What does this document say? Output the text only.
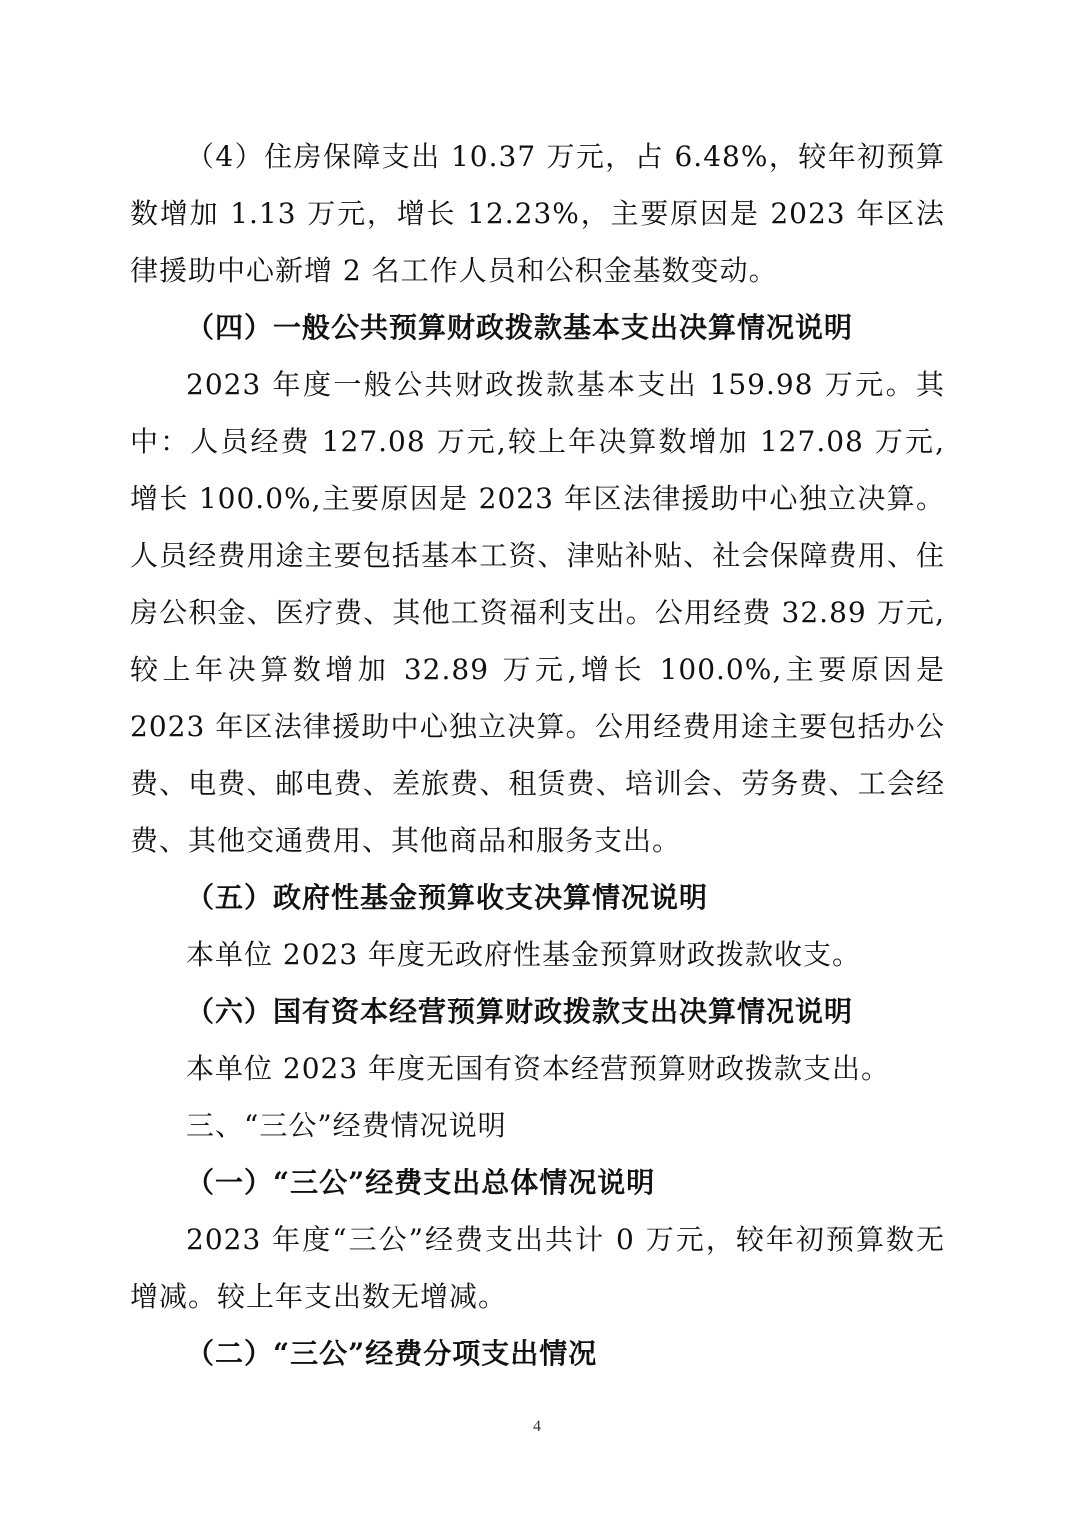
（4）住房保障支出 10.37 万元，占 6.48%，较年初预算数增加 1.13 万元，增长 12.23%，主要原因是 2023 年区法律援助中心新增 2 名工作人员和公积金基数变动。

（四）一般公共预算财政拨款基本支出决算情况说明

2023 年度一般公共财政拨款基本支出 159.98 万元。其中：人员经费 127.08 万元,较上年决算数增加 127.08 万元,增长 100.0%,主要原因是 2023 年区法律援助中心独立决算。人员经费用途主要包括基本工资、津贴补贴、社会保障费用、住房公积金、医疗费、其他工资福利支出。公用经费 32.89 万元,较上年决算数增加 32.89 万元,增长 100.0%,主要原因是 2023 年区法律援助中心独立决算。公用经费用途主要包括办公费、电费、邮电费、差旅费、租赁费、培训会、劳务费、工会经费、其他交通费用、其他商品和服务支出。

（五）政府性基金预算收支决算情况说明

本单位 2023 年度无政府性基金预算财政拨款收支。

（六）国有资本经营预算财政拨款支出决算情况说明

本单位 2023 年度无国有资本经营预算财政拨款支出。

三、“三公”经费情况说明

（一）“三公”经费支出总体情况说明

2023 年度“三公”经费支出共计 0 万元，较年初预算数无增减。较上年支出数无增减。

（二）“三公”经费分项支出情况

4
